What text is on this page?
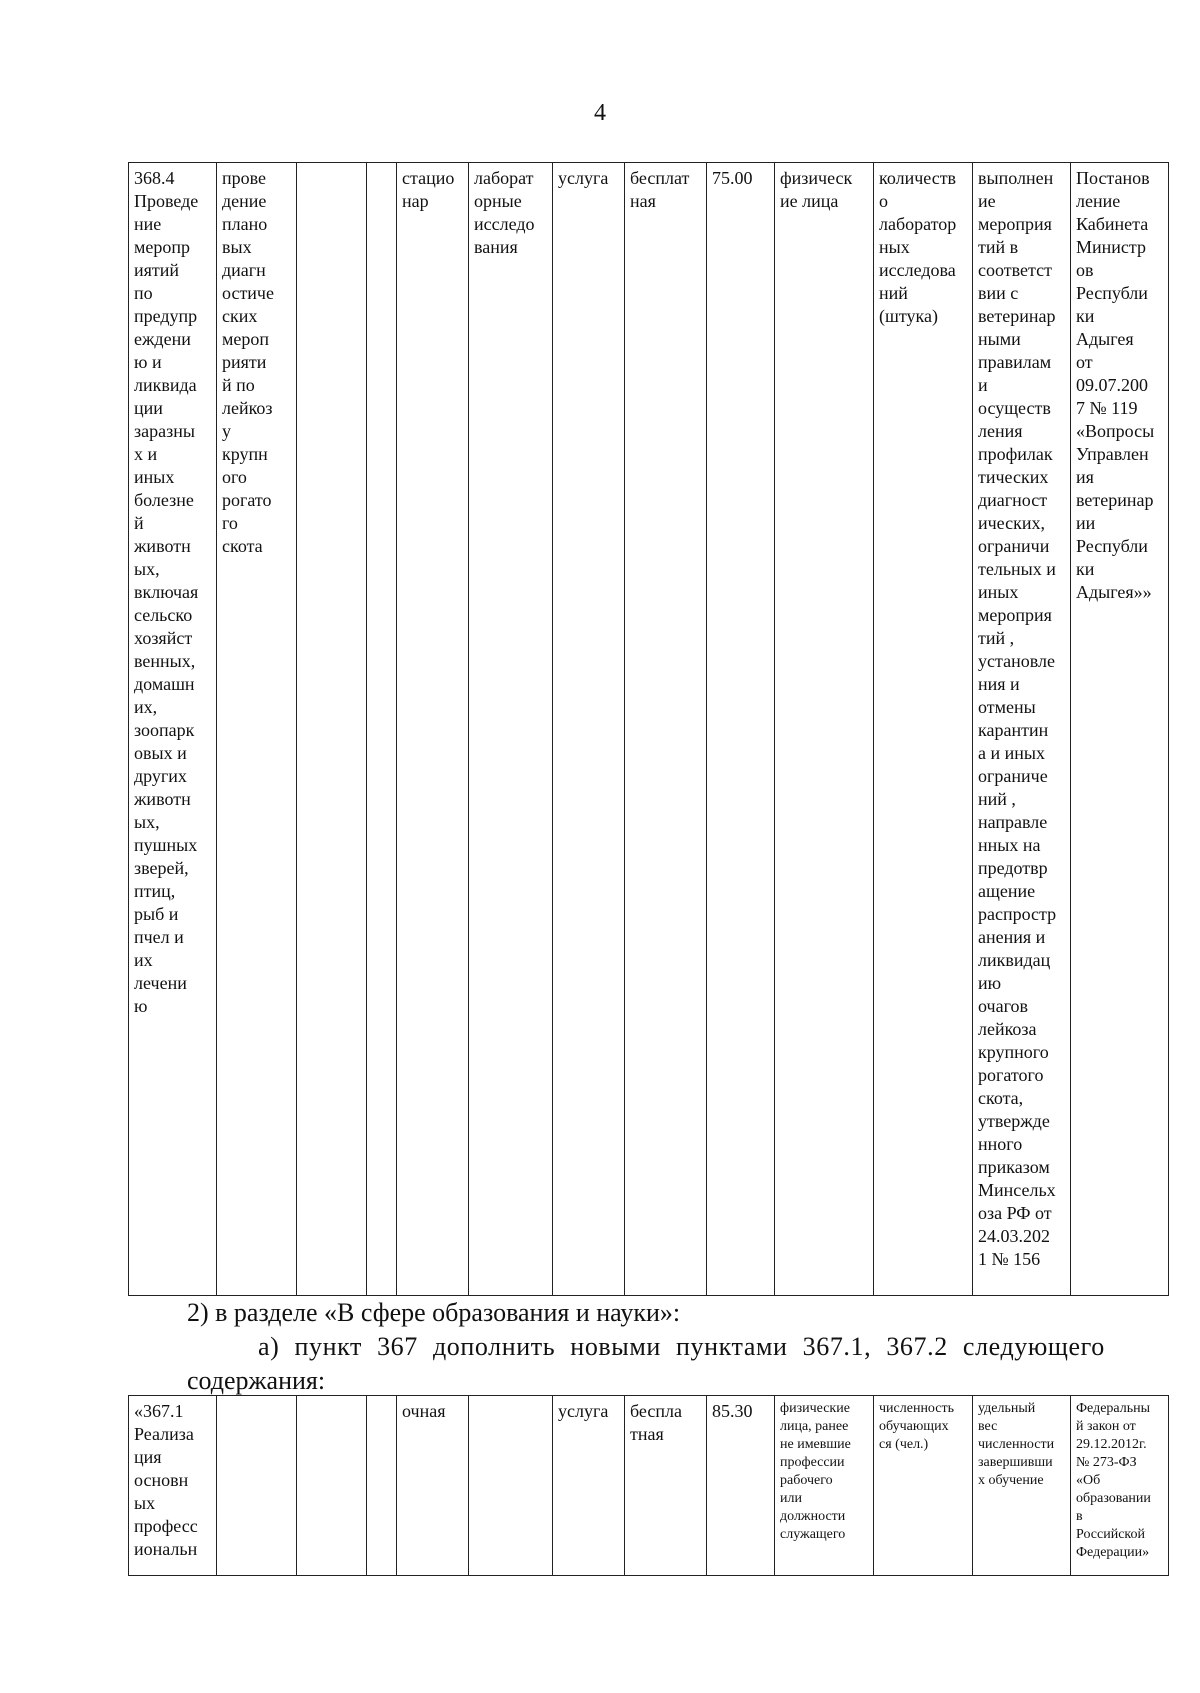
4
368.4
Проведе
ние
меропр
иятий
по
предупр
еждени
ю и
ликвида
ции
заразны
х и
иных
болезне
й
животн
ых,
включая
сельско
хозяйст
венных,
домашн
их,
зоопарк
овых и
других
животн
ых,
пушных
зверей,
птиц,
рыб и
пчел и
их
лечени
ю	прове
дение
плано
вых
диагн
остиче
ских
мероп
рияти
й по
лейкоз
у
крупн
ого
рогато
го
скота			стацио
нар	лаборат
орные
исследо
вания	услуга	бесплат
ная	75.00	физическ
ие лица	количеств
о
лаборатор
ных
исследова
ний
(штука)	выполнен
ие
мероприя
тий в
соответст
вии с
ветеринар
ными
правилам
и
осуществ
ления
профилак
тических
диагност
ических,
ограничи
тельных и
иных
мероприя
тий ,
установле
ния и
отмены
карантин
а и иных
ограниче
ний ,
направле
нных на
предотвр
ащение
распростр
анения и
ликвидац
ию
очагов
лейкоза
крупного
рогатого
скота,
утвержде
нного
приказом
Минсельх
оза РФ от
24.03.202
1 № 156	Постанов
ление
Кабинета
Министр
ов
Республи
ки
Адыгея
от
09.07.200
7 № 119
«Вопросы
Управлен
ия
ветеринар
ии
Республи
ки
Адыгея»»
2) в разделе «В сфере образования и науки»:
а) пункт 367 дополнить новыми пунктами 367.1, 367.2 следующего
содержания:
«367.1
Реализа
ция
основн
ых
професс
иональн				очная		услуга	беспла
тная	85.30	физические
лица, ранее
не имевшие
профессии
рабочего
или
должности
служащего	численность
обучающих
ся (чел.)	удельный
вес
численности
завершивши
х обучение	Федеральны
й закон от
29.12.2012г.
№ 273-ФЗ
«Об
образовании
в
Российской
Федерации»
